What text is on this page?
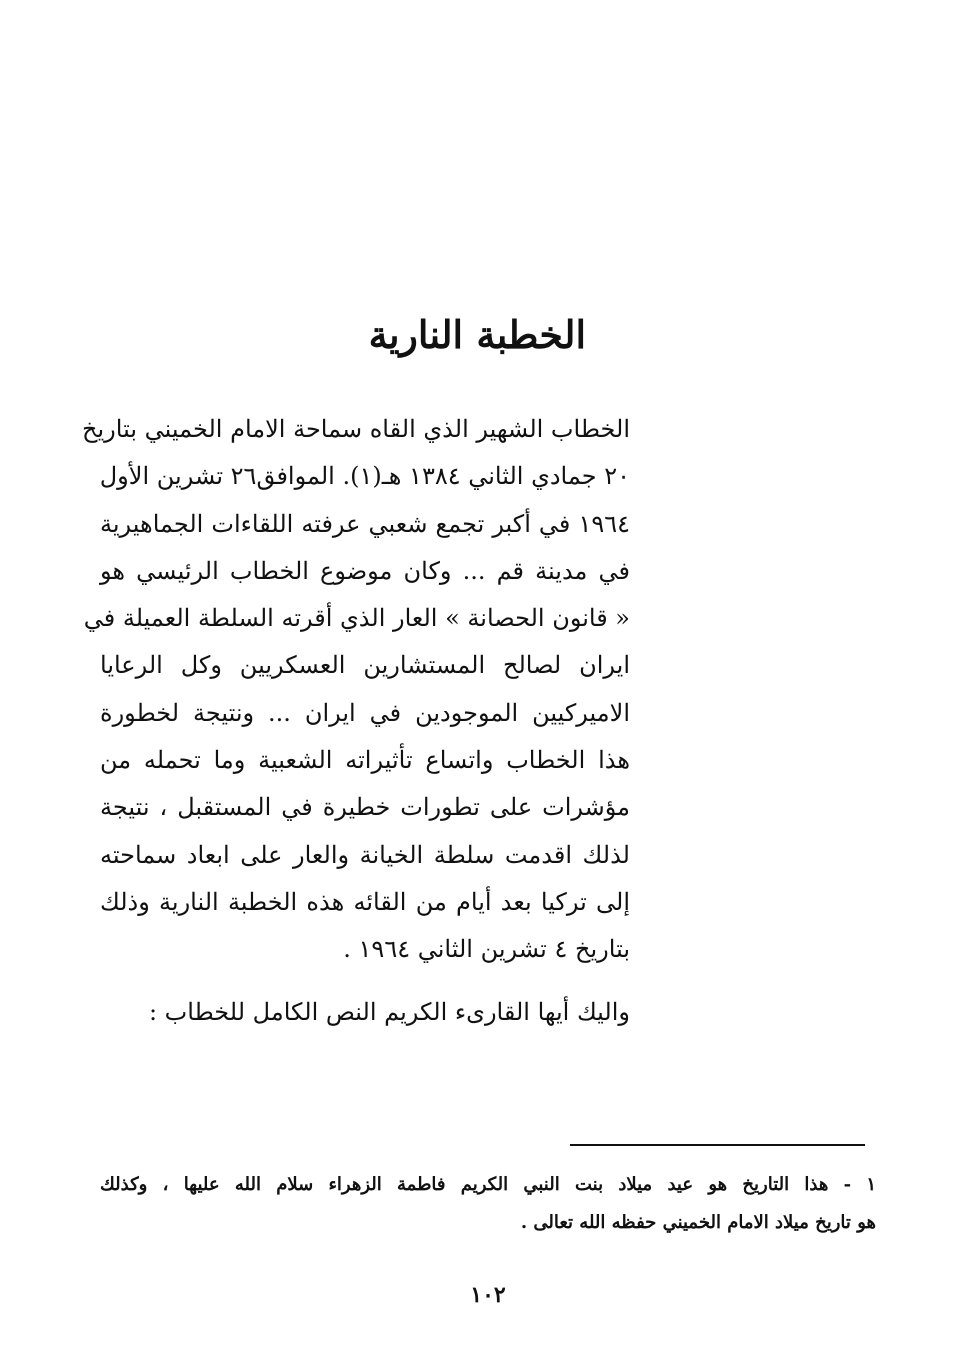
الخطبة النارية
الخطاب الشهير الذي القاه سماحة الامام الخميني بتاريخ
٢٠ جمادي الثاني ١٣٨٤ هـ(١). الموافق٢٦ تشرين الأول
١٩٦٤ في أكبر تجمع شعبي عرفته اللقاءات الجماهيرية
في مدينة قم ... وكان موضوع الخطاب الرئيسي هو
« قانون الحصانة » العار الذي أقرته السلطة العميلة في
ايران لصالح المستشارين العسكريين وكل الرعايا
الاميركيين الموجودين في ايران ... ونتيجة لخطورة
هذا الخطاب واتساع تأثيراته الشعبية وما تحمله من
مؤشرات على تطورات خطيرة في المستقبل ، نتيجة
لذلك اقدمت سلطة الخيانة والعار على ابعاد سماحته
إلى تركيا بعد أيام من القائه هذه الخطبة النارية وذلك
بتاريخ ٤ تشرين الثاني ١٩٦٤ .
واليك أيها القارىء الكريم النص الكامل للخطاب :
١ - هذا التاريخ هو عيد ميلاد بنت النبي الكريم فاطمة الزهراء سلام الله عليها ، وكذلك
هو تاريخ ميلاد الامام الخميني حفظه الله تعالى .
١٠٢
